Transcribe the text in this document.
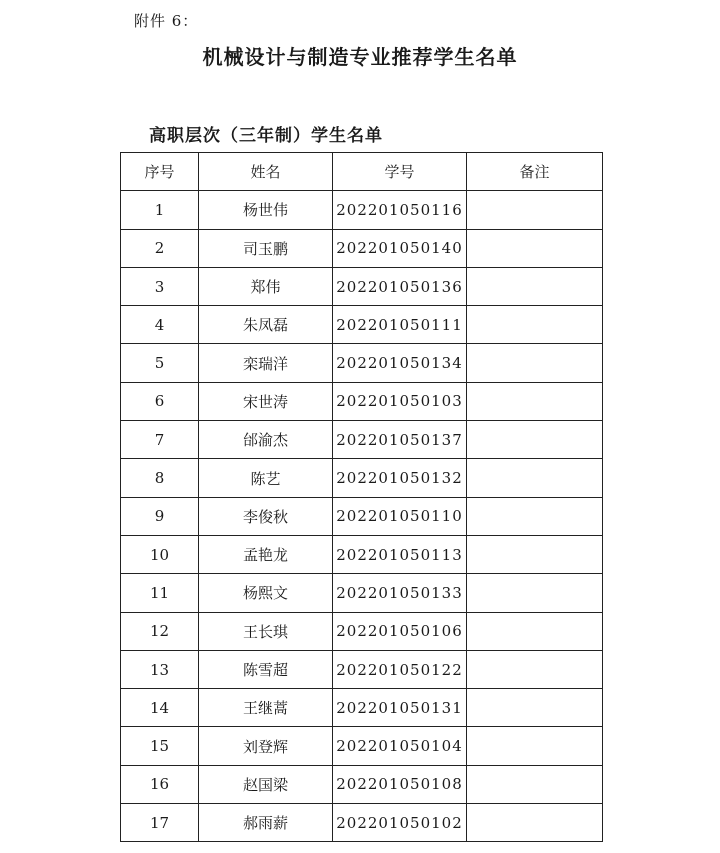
附件 6：
机械设计与制造专业推荐学生名单
高职层次（三年制）学生名单
序号	姓名	学号	备注
1	杨世伟	202201050116	
2	司玉鹏	202201050140	
3	郑伟	202201050136	
4	朱凤磊	202201050111	
5	栾瑞洋	202201050134	
6	宋世涛	202201050103	
7	邰渝杰	202201050137	
8	陈艺	202201050132	
9	李俊秋	202201050110	
10	孟艳龙	202201050113	
11	杨熙文	202201050133	
12	王长琪	202201050106	
13	陈雪超	202201050122	
14	王继蒿	202201050131	
15	刘登辉	202201050104	
16	赵国梁	202201050108	
17	郝雨薪	202201050102	
